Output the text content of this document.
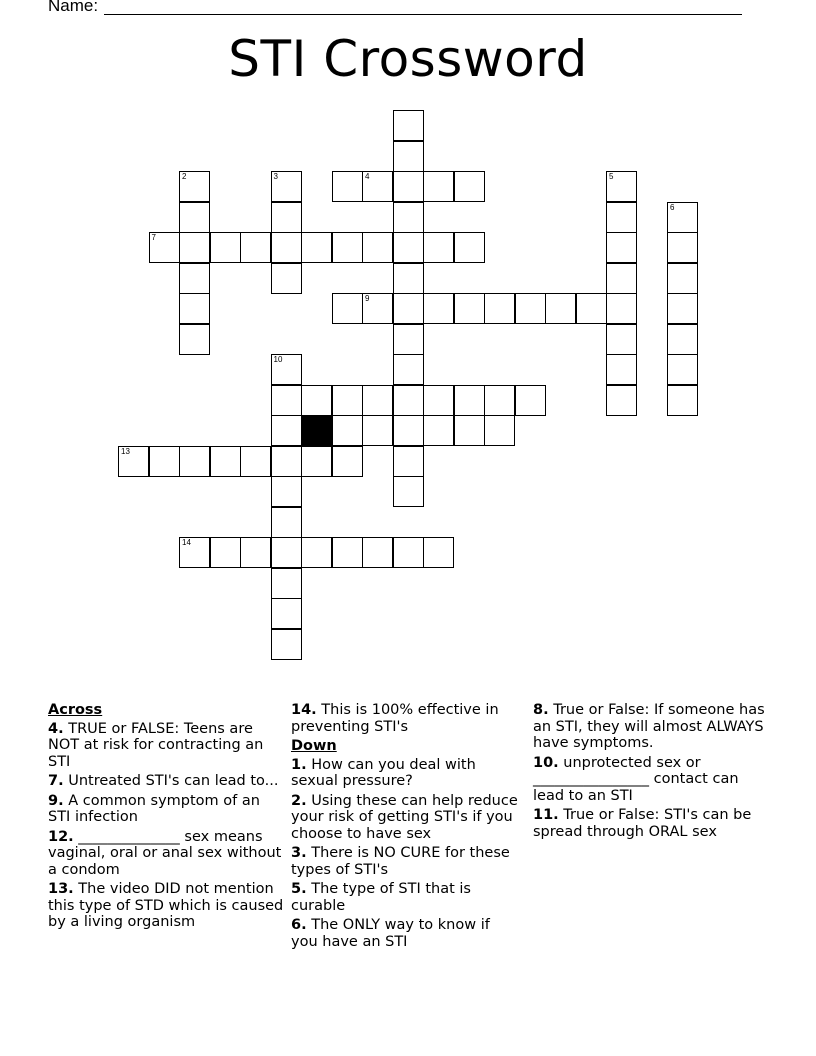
Name:
STI Crossword
2	3	4	5
6
7
9
10
13
14
Across
4. TRUE or FALSE: Teens are NOT at risk for contracting an STI
7. Untreated STI's can lead to...
9. A common symptom of an STI infection
12. ______________ sex means vaginal, oral or anal sex without a condom
13. The video DID not mention this type of STD which is caused by a living organism
14. This is 100% effective in preventing STI's
Down
1. How can you deal with sexual pressure?
2. Using these can help reduce your risk of getting STI's if you choose to have sex
3. There is NO CURE for these types of STI's
5. The type of STI that is curable
6. The ONLY way to know if you have an STI
8. True or False: If someone has an STI, they will almost ALWAYS have symptoms.
10. unprotected sex or ________________ contact can lead to an STI
11. True or False: STI's can be spread through ORAL sex
